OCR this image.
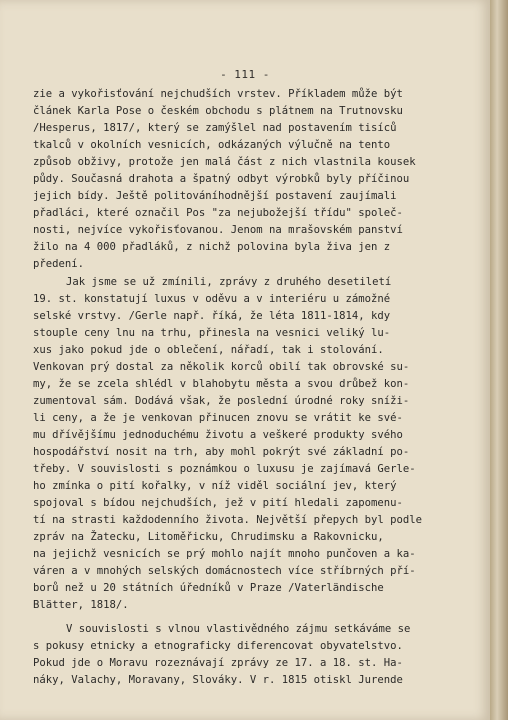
- 111 -
zie a vykořisťování nejchudších vrstev. Příkladem může být
článek Karla Pose o českém obchodu s plátnem na Trutnovsku
/Hesperus, 1817/, který se zamýšlel nad postavením tisíců
tkalců v okolních vesnicích, odkázaných výlučně na tento
způsob obživy, protože jen malá část z nich vlastnila kousek
půdy. Současná drahota a špatný odbyt výrobků byly příčinou
jejich bídy. Ještě politováníhodnější postavení zaujímali
přadláci, které označil Pos "za nejubožejší třídu" společ-
nosti, nejvíce vykořisťovanou. Jenom na mrašovském panství
žilo na 4 000 přadláků, z nichž polovina byla živa jen z
předení.
Jak jsme se už zmínili, zprávy z druhého desetiletí
19. st. konstatují luxus v oděvu a v interiéru u zámožné
selské vrstvy. /Gerle např. říká, že léta 1811-1814, kdy
stouple ceny lnu na trhu, přinesla na vesnici veliký lu-
xus jako pokud jde o oblečení, nářadí, tak i stolování.
Venkovan prý dostal za několik korců obilí tak obrovské su-
my, že se zcela shlédl v blahobytu města a svou drůbež kon-
zumentoval sám. Dodává však, že poslední úrodné roky sníži-
li ceny, a že je venkovan přinucen znovu se vrátit ke své-
mu dřívějšímu jednoduchému životu a veškeré produkty svého
hospodářství nosit na trh, aby mohl pokrýt své základní po-
třeby. V souvislosti s poznámkou o luxusu je zajímavá Gerle-
ho zmínka o pití kořalky, v níž viděl sociální jev, který
spojoval s bídou nejchudších, jež v pití hledali zapomenu-
tí na strasti každodenního života. Největší přepych byl podle
zpráv na Žatecku, Litoměřicku, Chrudimsku a Rakovnicku,
na jejichž vesnicích se prý mohlo najít mnoho punčoven a ka-
váren a v mnohých selských domácnostech více stříbrných pří-
borů než u 20 státních úředníků v Praze /Vaterländische
Blätter, 1818/.
V souvislosti s vlnou vlastivědného zájmu setkáváme se
s pokusy etnicky a etnograficky diferencovat obyvatelstvo.
Pokud jde o Moravu rozeznávají zprávy ze 17. a 18. st. Ha-
náky, Valachy, Moravany, Slováky. V r. 1815 otiskl Jurende
